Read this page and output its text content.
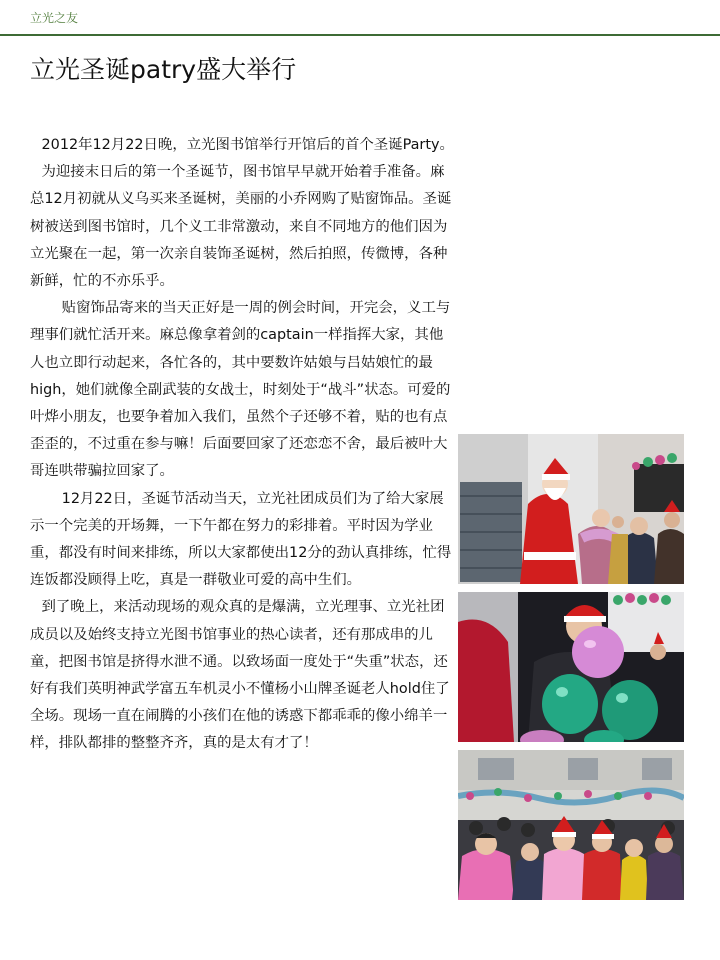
立光之友
立光圣诞patry盛大举行

2012年12月22日晚，立光图书馆举行开馆后的首个圣诞Party。

为迎接末日后的第一个圣诞节，图书馆早早就开始着手准备。麻总12月初就从义乌买来圣诞树，美丽的小乔网购了贴窗饰品。圣诞树被送到图书馆时，几个义工非常激动，来自不同地方的他们因为立光聚在一起，第一次亲自装饰圣诞树，然后拍照，传微博，各种新鲜，忙的不亦乐乎。

贴窗饰品寄来的当天正好是一周的例会时间，开完会，义工与理事们就忙活开来。麻总像拿着剑的captain一样指挥大家，其他人也立即行动起来，各忙各的，其中要数许姑娘与吕姑娘忙的最high，她们就像全副武装的女战士，时刻处于“战斗”状态。可爱的叶烨小朋友，也要争着加入我们，虽然个子还够不着，贴的也有点歪歪的，不过重在参与嘛！后面要回家了还恋恋不舍，最后被叶大哥连哄带骗拉回家了。

12月22日，圣诞节活动当天，立光社团成员们为了给大家展示一个完美的开场舞，一下午都在努力的彩排着。平时因为学业重，都没有时间来排练，所以大家都使出12分的劲认真排练，忙得连饭都没顾得上吃，真是一群敬业可爱的高中生们。

到了晚上，来活动现场的观众真的是爆满，立光理事、立光社团成员以及始终支持立光图书馆事业的热心读者，还有那成串的儿童，把图书馆是挤得水泄不通。以致场面一度处于“失重”状态，还好有我们英明神武学富五车机灵小不懂杨小山牌圣诞老人hold住了全场。现场一直在闹腾的小孩们在他的诱惑下都乖乖的像小绵羊一样，排队都排的整整齐齐，真的是太有才了！
